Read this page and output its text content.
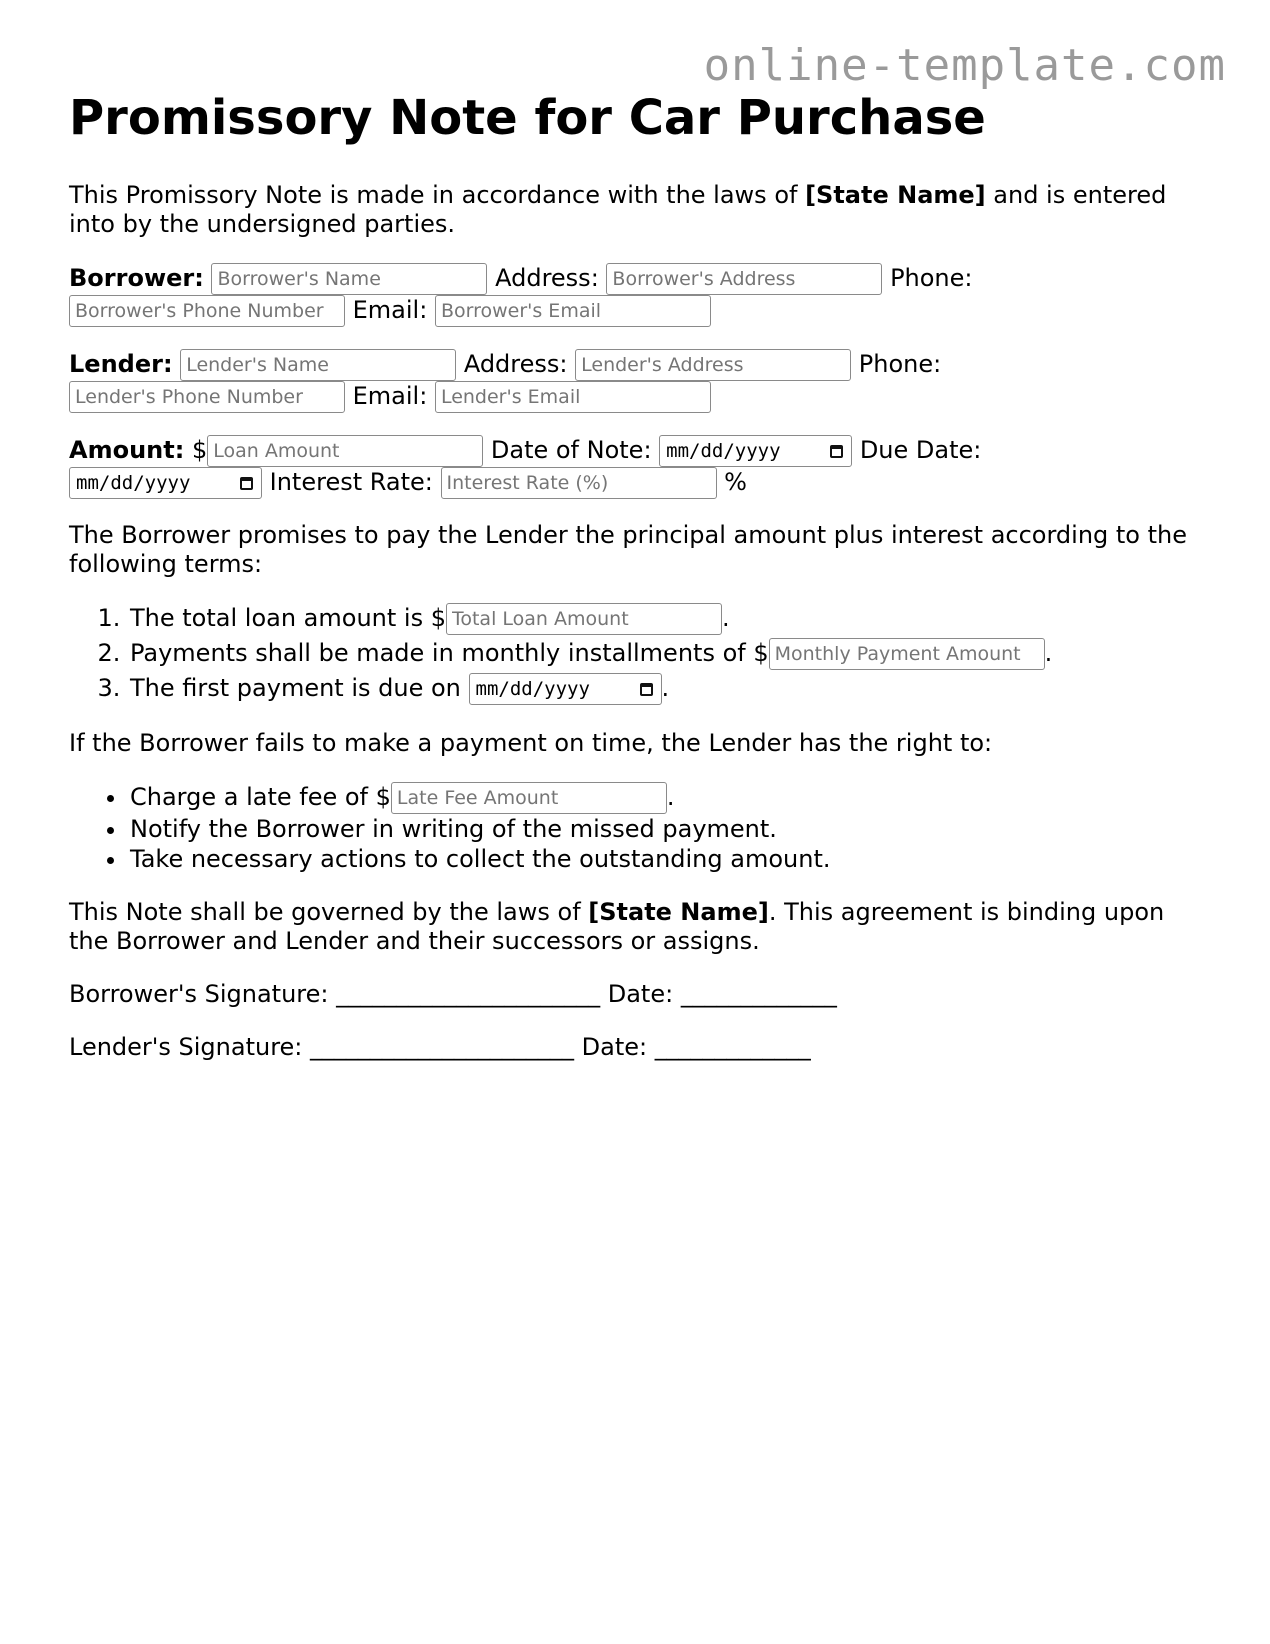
online-template.com
Promissory Note for Car Purchase

This Promissory Note is made in accordance with the laws of [State Name] and is entered into by the undersigned parties.

Borrower: Borrower's Name	Address: Borrower's Address	Phone:
Borrower's Phone Number Email: Borrower's Email
Lender: Lender's Name	Address: Lender's Address	Phone:
Lender's Phone Number Email: Lender's Email
Amount: $Loan Amount	Date of Note: mm/dd/yyyy	Due Date:
mm/dd/yyyy	Interest Rate: Interest Rate (%)	%

The Borrower promises to pay the Lender the principal amount plus interest according to the following terms:

1. The total loan amount is $Total Loan Amount	.
2. Payments shall be made in monthly installments of $Monthly Payment Amount	.
3. The first payment is due on mm/dd/yyyy	.

If the Borrower fails to make a payment on time, the Lender has the right to:

• Charge a late fee of $Late Fee Amount	.
• Notify the Borrower in writing of the missed payment.
• Take necessary actions to collect the outstanding amount.

This Note shall be governed by the laws of [State Name]. This agreement is binding upon the Borrower and Lender and their successors or assigns.

Borrower's Signature: ______________________ Date: _____________

Lender's Signature: ______________________ Date: _____________
